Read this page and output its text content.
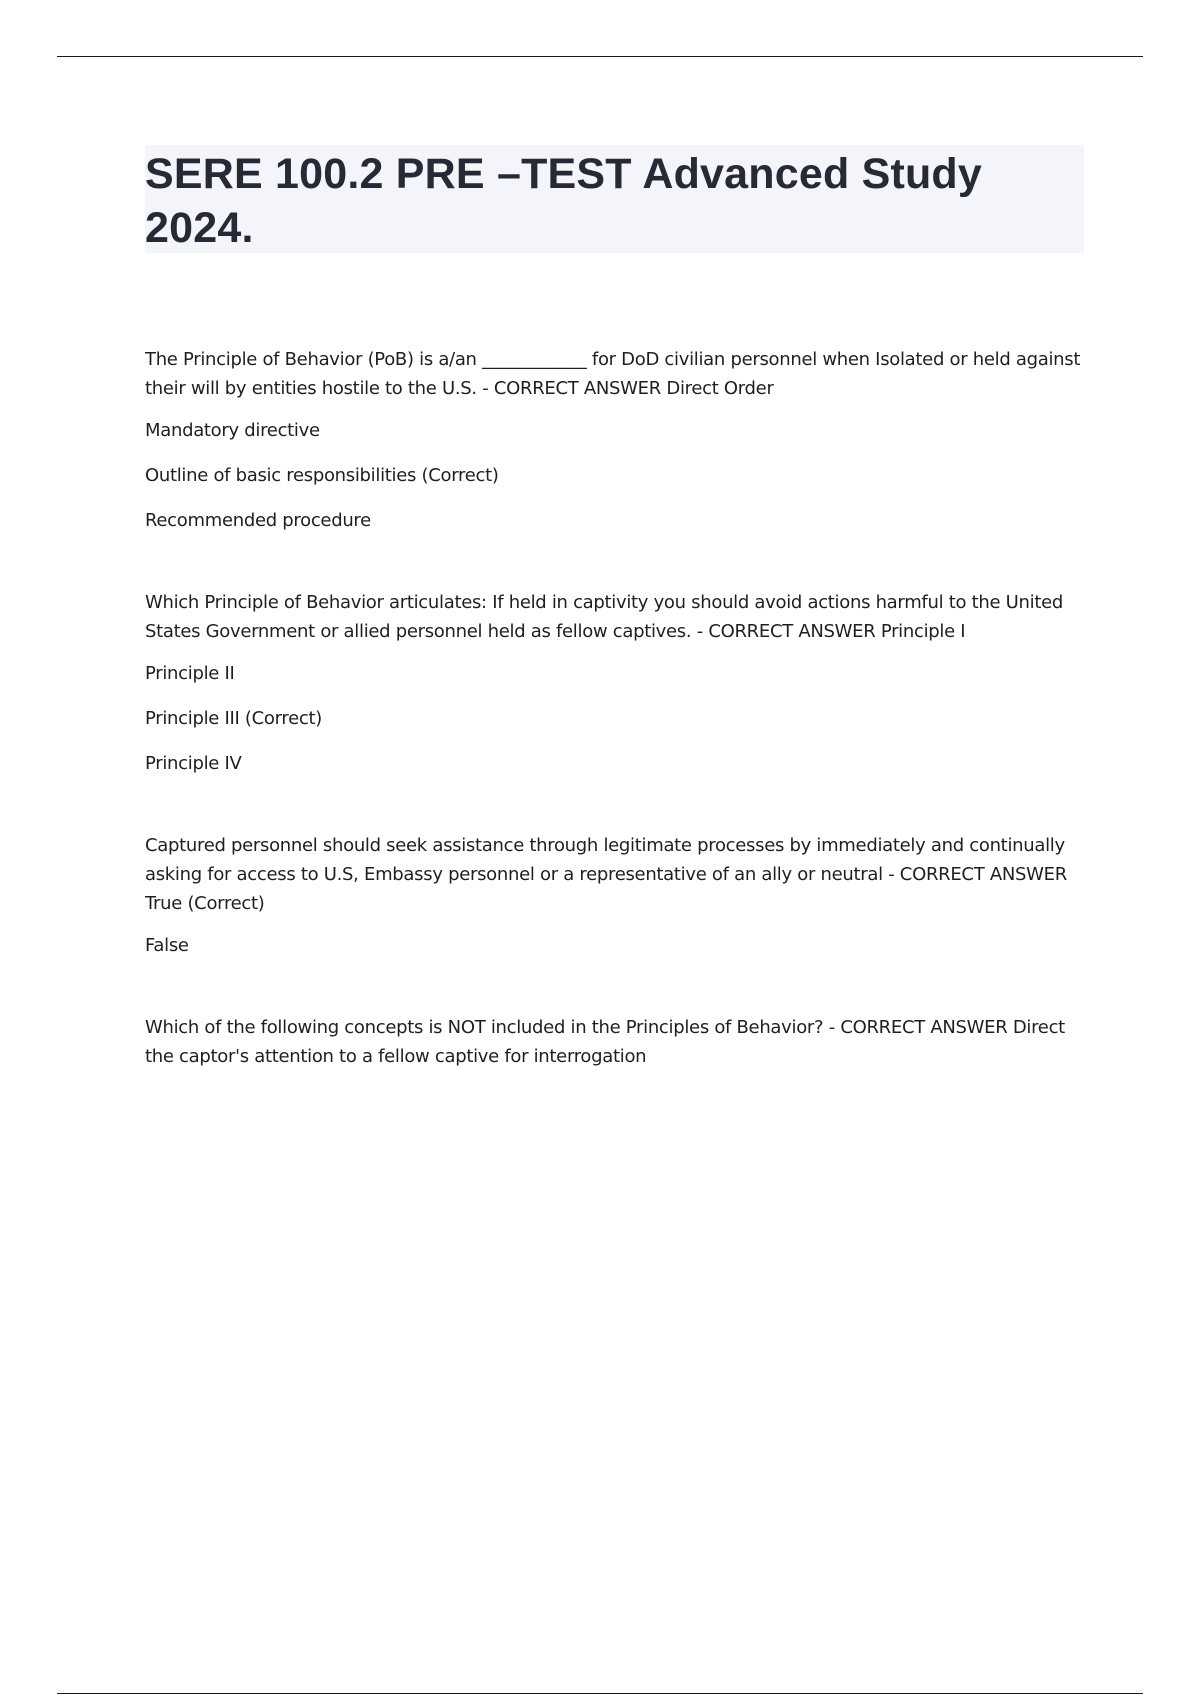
SERE 100.2 PRE –TEST Advanced Study 2024.

The Principle of Behavior (PoB) is a/an ____________ for DoD civilian personnel when Isolated or held against their will by entities hostile to the U.S. - CORRECT ANSWER Direct Order

Mandatory directive

Outline of basic responsibilities (Correct)

Recommended procedure

Which Principle of Behavior articulates: If held in captivity you should avoid actions harmful to the United States Government or allied personnel held as fellow captives. - CORRECT ANSWER Principle I

Principle II

Principle III (Correct)

Principle IV

Captured personnel should seek assistance through legitimate processes by immediately and continually asking for access to U.S, Embassy personnel or a representative of an ally or neutral - CORRECT ANSWER True (Correct)

False

Which of the following concepts is NOT included in the Principles of Behavior? - CORRECT ANSWER Direct the captor's attention to a fellow captive for interrogation
